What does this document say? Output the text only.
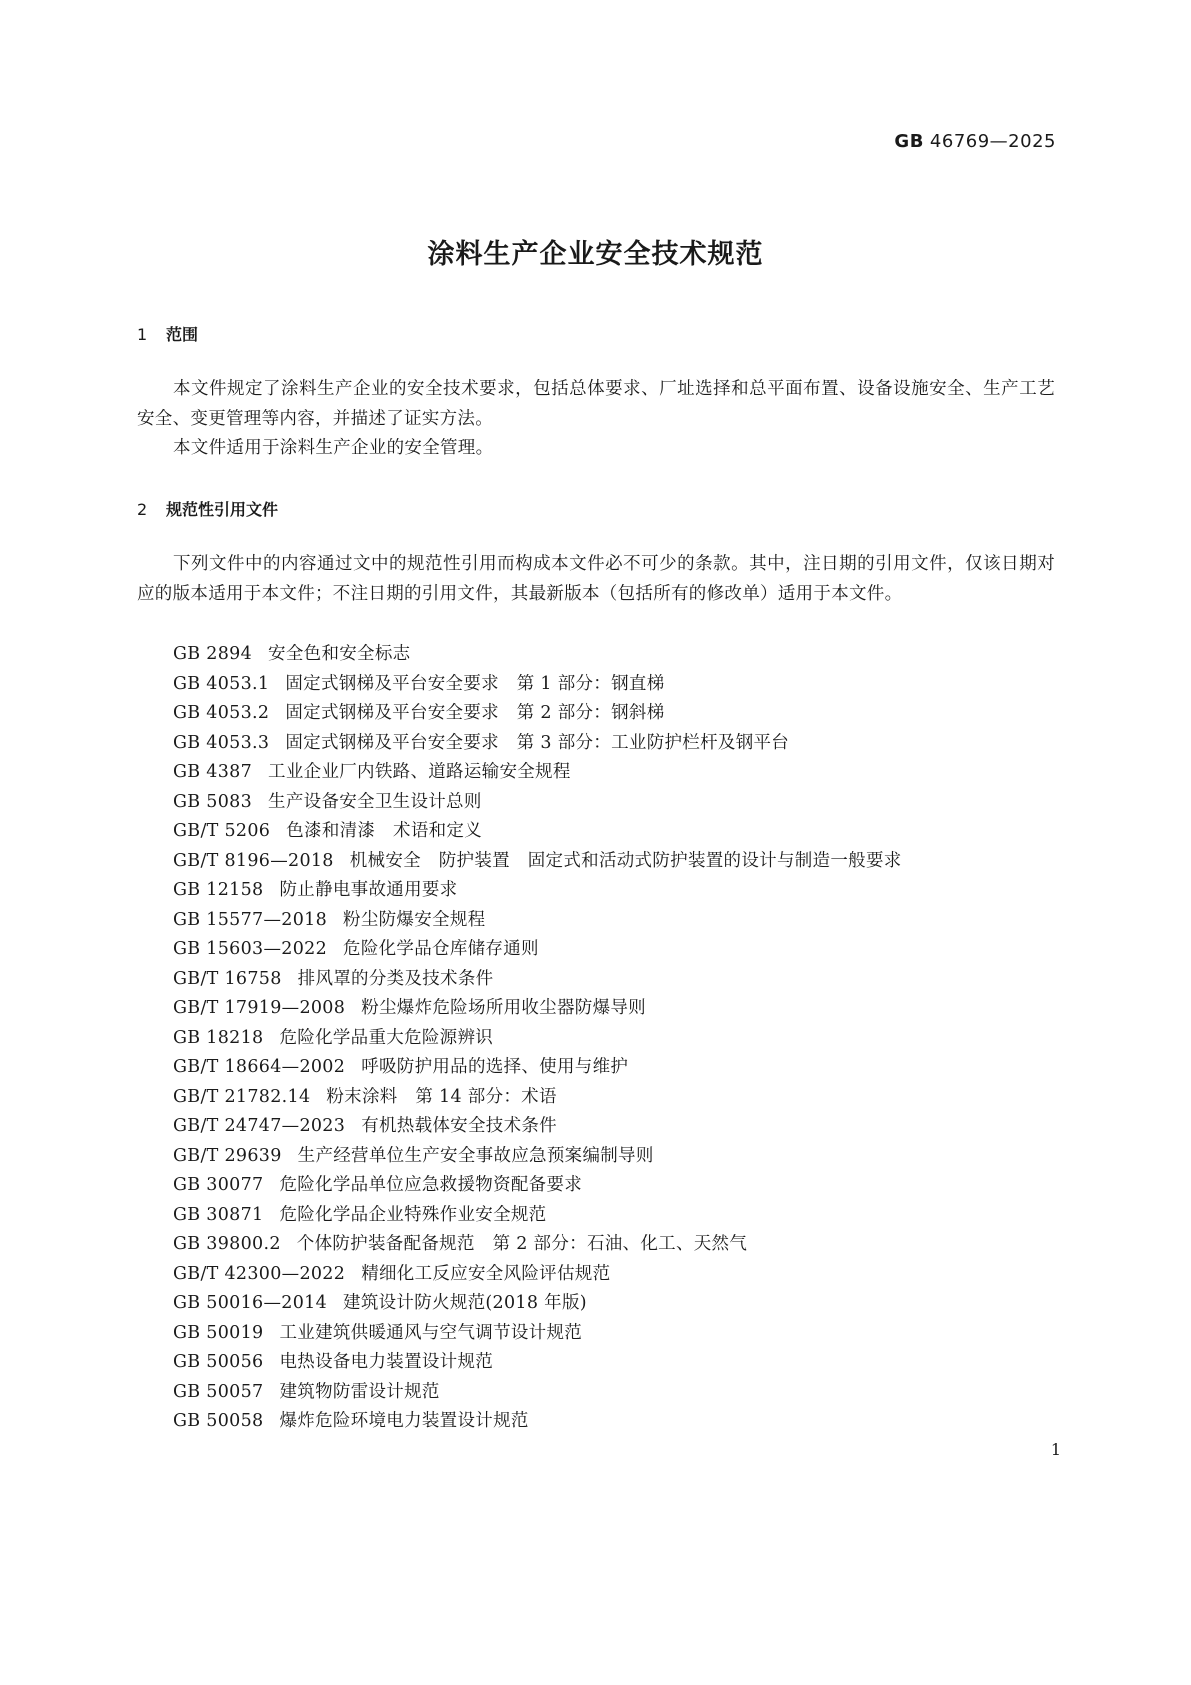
GB 46769—2025
涂料生产企业安全技术规范
1 范围

本文件规定了涂料生产企业的安全技术要求，包括总体要求、厂址选择和总平面布置、设备设施安全、生产工艺安全、变更管理等内容，并描述了证实方法。

本文件适用于涂料生产企业的安全管理。

2 规范性引用文件

下列文件中的内容通过文中的规范性引用而构成本文件必不可少的条款。其中，注日期的引用文件，仅该日期对应的版本适用于本文件；不注日期的引用文件，其最新版本（包括所有的修改单）适用于本文件。

GB 2894 安全色和安全标志
GB 4053.1 固定式钢梯及平台安全要求　第 1 部分：钢直梯
GB 4053.2 固定式钢梯及平台安全要求　第 2 部分：钢斜梯
GB 4053.3 固定式钢梯及平台安全要求　第 3 部分：工业防护栏杆及钢平台
GB 4387 工业企业厂内铁路、道路运输安全规程
GB 5083 生产设备安全卫生设计总则
GB/T 5206 色漆和清漆　术语和定义
GB/T 8196—2018 机械安全　防护装置　固定式和活动式防护装置的设计与制造一般要求
GB 12158 防止静电事故通用要求
GB 15577—2018 粉尘防爆安全规程
GB 15603—2022 危险化学品仓库储存通则
GB/T 16758 排风罩的分类及技术条件
GB/T 17919—2008 粉尘爆炸危险场所用收尘器防爆导则
GB 18218 危险化学品重大危险源辨识
GB/T 18664—2002 呼吸防护用品的选择、使用与维护
GB/T 21782.14 粉末涂料　第 14 部分：术语
GB/T 24747—2023 有机热载体安全技术条件
GB/T 29639 生产经营单位生产安全事故应急预案编制导则
GB 30077 危险化学品单位应急救援物资配备要求
GB 30871 危险化学品企业特殊作业安全规范
GB 39800.2 个体防护装备配备规范　第 2 部分：石油、化工、天然气
GB/T 42300—2022 精细化工反应安全风险评估规范
GB 50016—2014 建筑设计防火规范(2018 年版)
GB 50019 工业建筑供暖通风与空气调节设计规范
GB 50056 电热设备电力装置设计规范
GB 50057 建筑物防雷设计规范
GB 50058 爆炸危险环境电力装置设计规范
1
